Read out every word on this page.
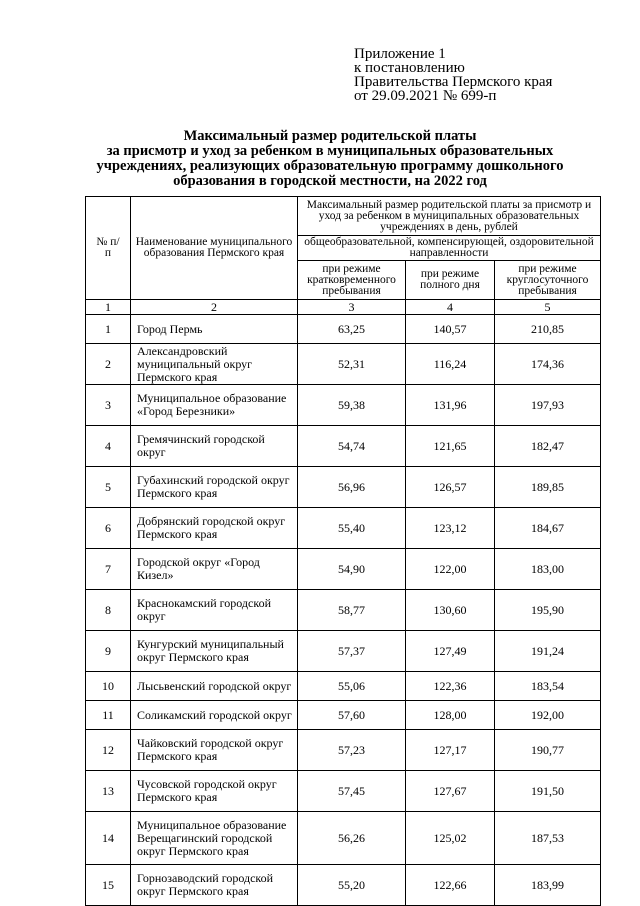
Приложение 1
к постановлению
Правительства Пермского края
от 29.09.2021 № 699-п
Максимальный размер родительской платы
за присмотр и уход за ребенком в муниципальных образовательных
учреждениях, реализующих образовательную программу дошкольного
образования в городской местности, на 2022 год
№ п/п	Наименование муниципального образования Пермского края	Максимальный размер родительской платы за присмотр и уход за ребенком в муниципальных образовательных учреждениях в день, рублей		
		общеобразовательной, компенсирующей, оздоровительной направленности		
		при режиме кратковременного пребывания	при режиме полного дня	при режиме круглосуточного пребывания
1	2	3	4	5
1	Город Пермь	63,25	140,57	210,85
2	Александровский муниципальный округ Пермского края	52,31	116,24	174,36
3	Муниципальное образование «Город Березники»	59,38	131,96	197,93
4	Гремячинский городской округ	54,74	121,65	182,47
5	Губахинский городской округ Пермского края	56,96	126,57	189,85
6	Добрянский городской округ Пермского края	55,40	123,12	184,67
7	Городской округ «Город Кизел»	54,90	122,00	183,00
8	Краснокамский городской округ	58,77	130,60	195,90
9	Кунгурский муниципальный округ Пермского края	57,37	127,49	191,24
10	Лысьвенский городской округ	55,06	122,36	183,54
11	Соликамский городской округ	57,60	128,00	192,00
12	Чайковский городской округ Пермского края	57,23	127,17	190,77
13	Чусовской городской округ Пермского края	57,45	127,67	191,50
14	Муниципальное образование Верещагинский городской округ Пермского края	56,26	125,02	187,53
15	Горнозаводский городской округ Пермского края	55,20	122,66	183,99
